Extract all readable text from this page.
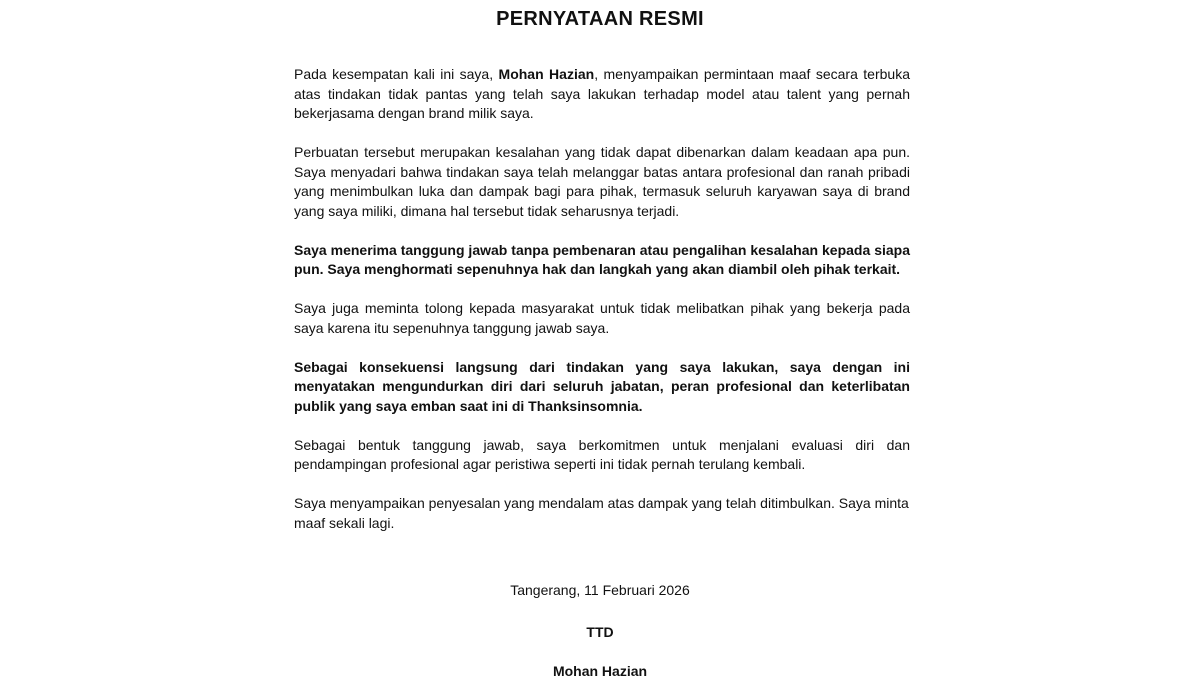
PERNYATAAN RESMI

Pada kesempatan kali ini saya, Mohan Hazian, menyampaikan permintaan maaf secara terbuka atas tindakan tidak pantas yang telah saya lakukan terhadap model atau talent yang pernah bekerjasama dengan brand milik saya.

Perbuatan tersebut merupakan kesalahan yang tidak dapat dibenarkan dalam keadaan apa pun. Saya menyadari bahwa tindakan saya telah melanggar batas antara profesional dan ranah pribadi yang menimbulkan luka dan dampak bagi para pihak, termasuk seluruh karyawan saya di brand yang saya miliki, dimana hal tersebut tidak seharusnya terjadi.

Saya menerima tanggung jawab tanpa pembenaran atau pengalihan kesalahan kepada siapa pun. Saya menghormati sepenuhnya hak dan langkah yang akan diambil oleh pihak terkait.

Saya juga meminta tolong kepada masyarakat untuk tidak melibatkan pihak yang bekerja pada saya karena itu sepenuhnya tanggung jawab saya.

Sebagai konsekuensi langsung dari tindakan yang saya lakukan, saya dengan ini menyatakan mengundurkan diri dari seluruh jabatan, peran profesional dan keterlibatan publik yang saya emban saat ini di Thanksinsomnia.

Sebagai bentuk tanggung jawab, saya berkomitmen untuk menjalani evaluasi diri dan pendampingan profesional agar peristiwa seperti ini tidak pernah terulang kembali.

Saya menyampaikan penyesalan yang mendalam atas dampak yang telah ditimbulkan. Saya minta maaf sekali lagi.

Tangerang, 11 Februari 2026
TTD
Mohan Hazian
